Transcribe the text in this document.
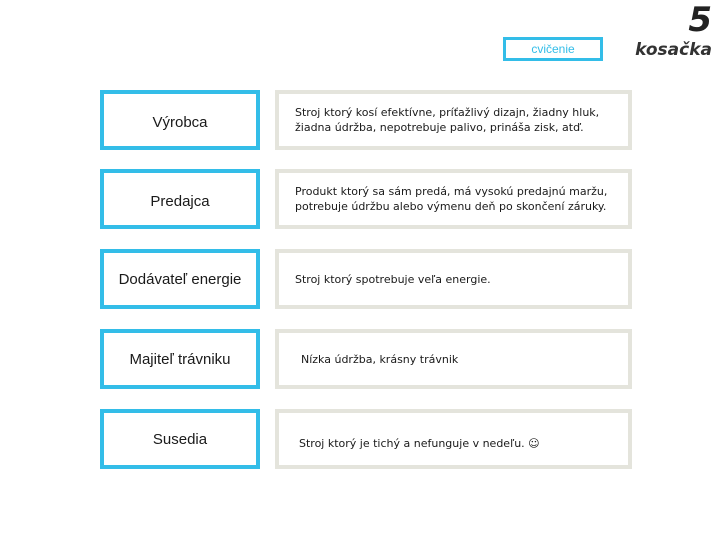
5
kosačka
cvičenie
Výrobca
Stroj ktorý kosí efektívne, príťažlivý dizajn, žiadny hluk, žiadna údržba, nepotrebuje palivo, prináša zisk, atď.
Predajca
Produkt ktorý sa sám predá, má vysokú predajnú maržu, potrebuje údržbu alebo výmenu deň po skončení záruky.
Dodávateľ energie	Stroj ktorý spotrebuje veľa energie.
Majiteľ trávniku	Nízka údržba, krásny trávnik
Susedia	Stroj ktorý je tichý a nefunguje v nedeľu. ☺
